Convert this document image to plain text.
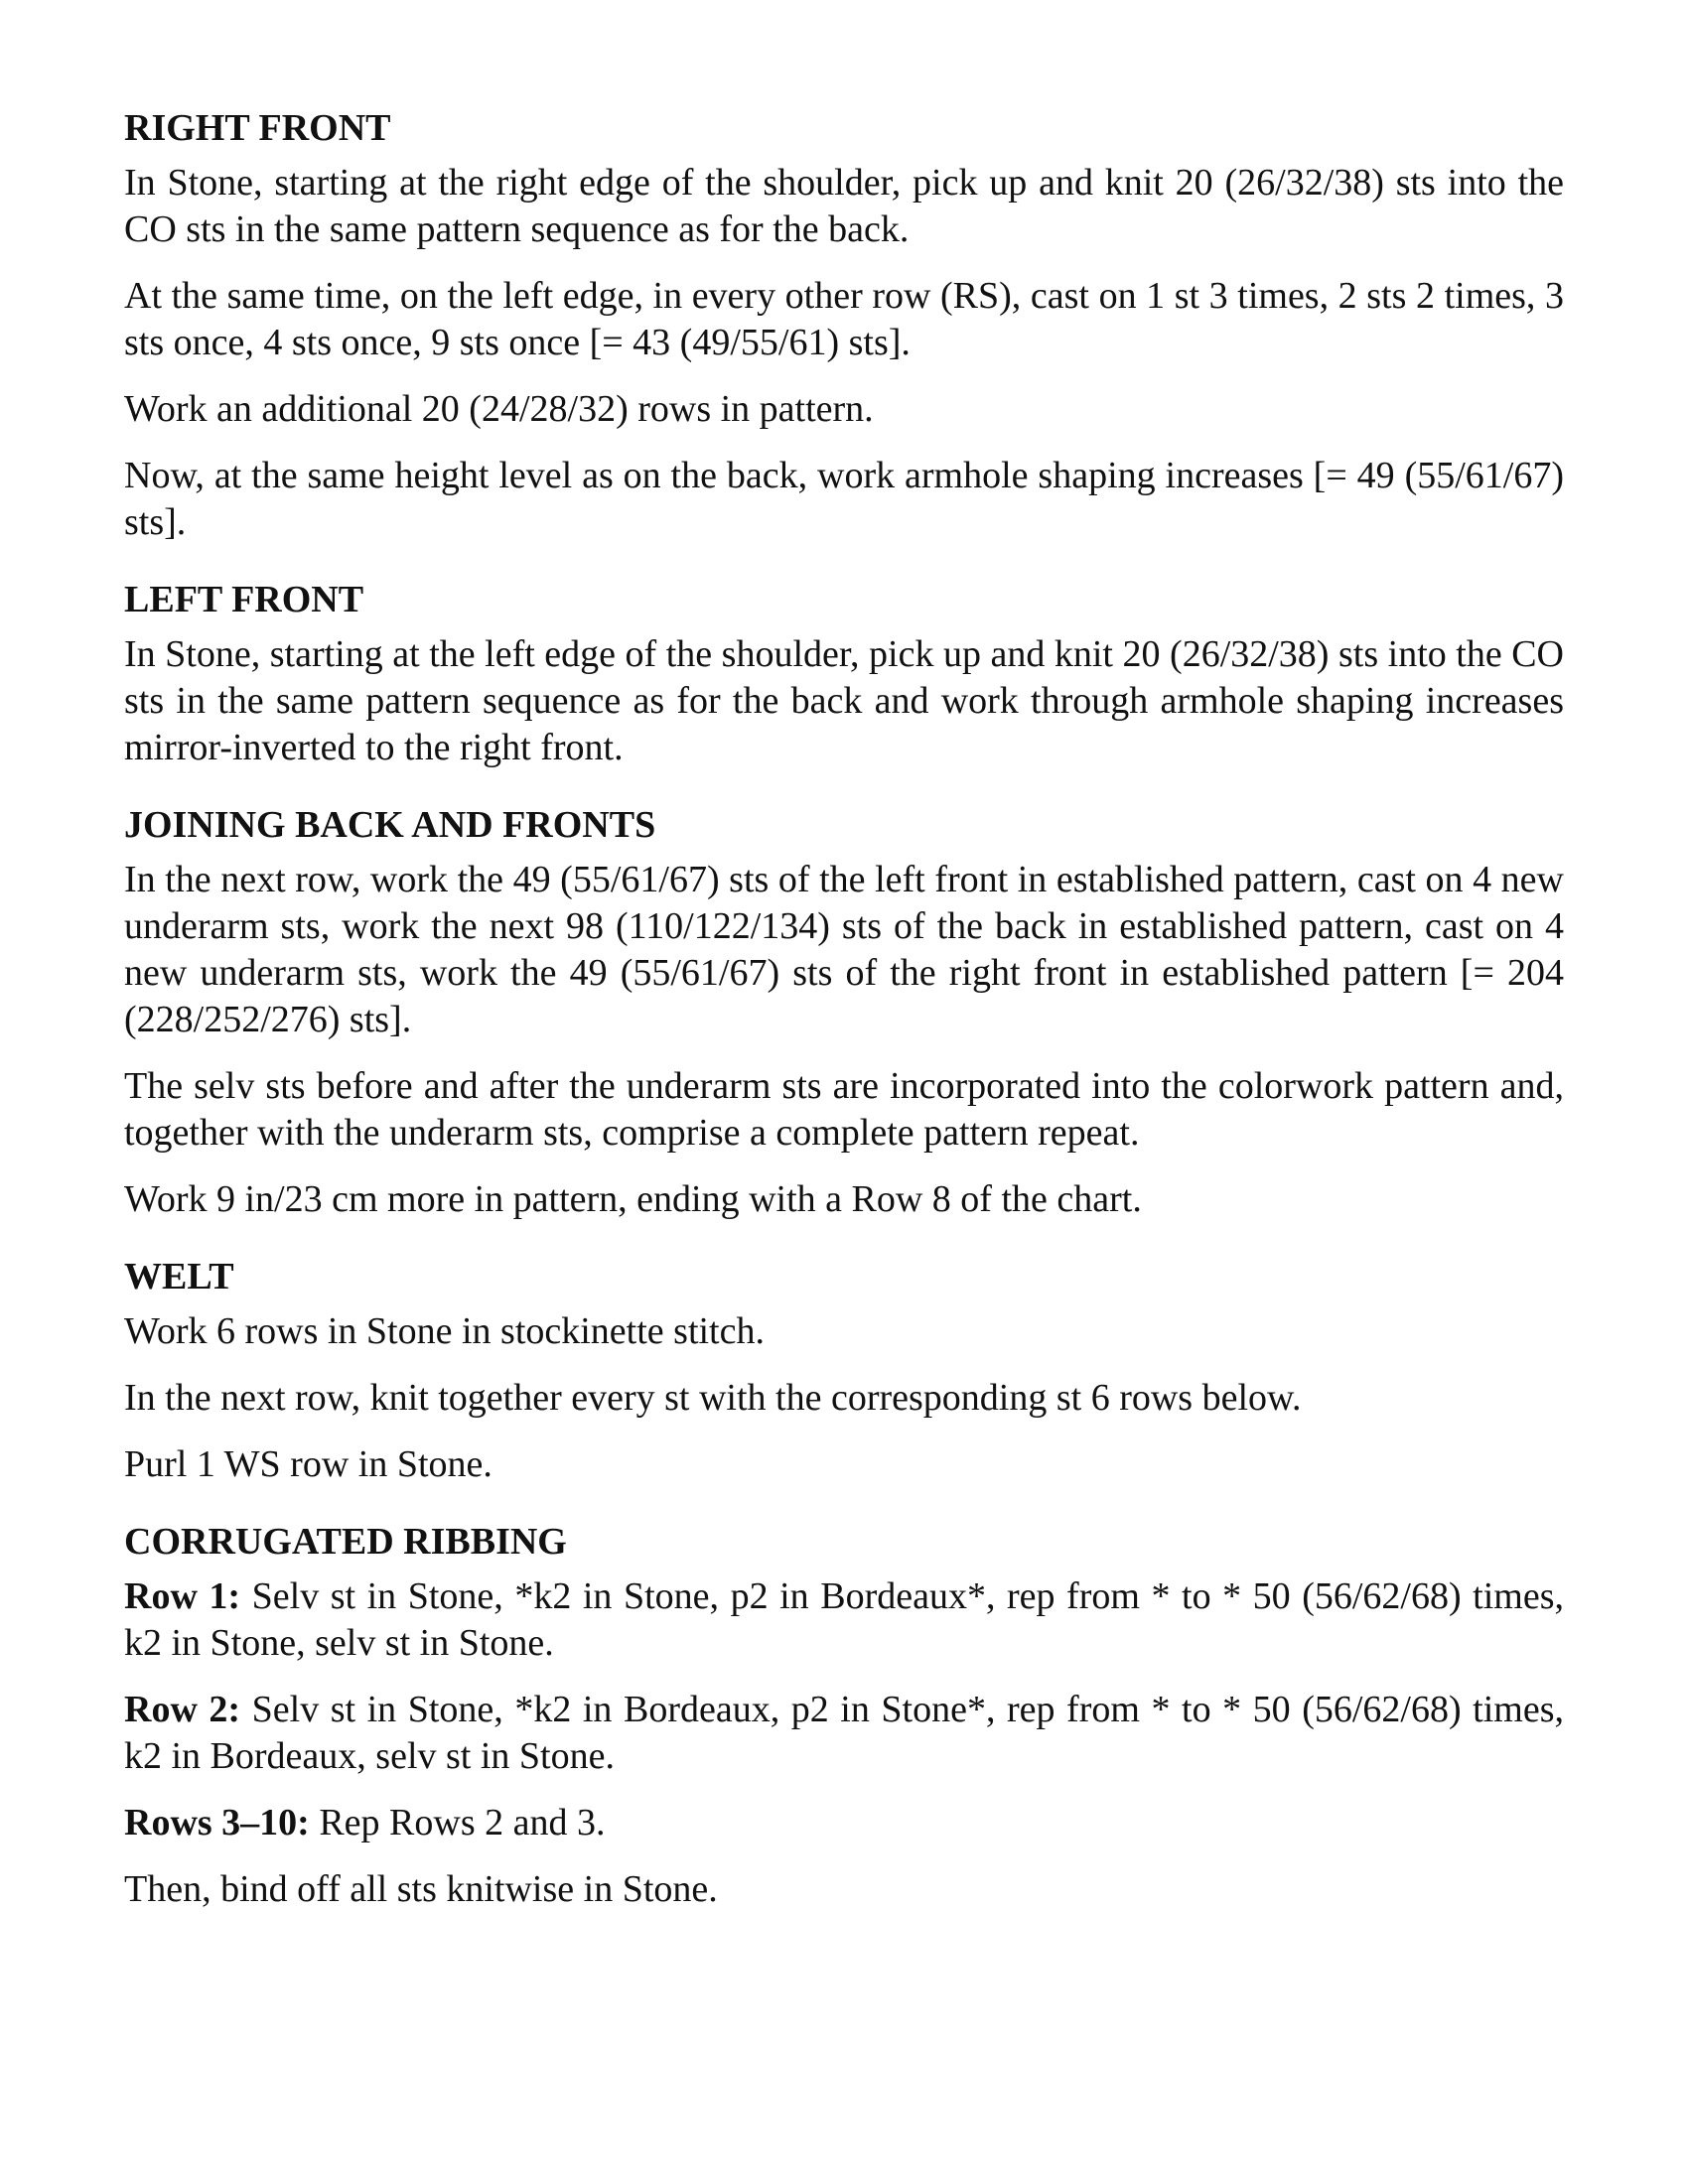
RIGHT FRONT

In Stone, starting at the right edge of the shoulder, pick up and knit 20 (26/32/38) sts into the CO sts in the same pattern sequence as for the back.

At the same time, on the left edge, in every other row (RS), cast on 1 st 3 times, 2 sts 2 times, 3 sts once, 4 sts once, 9 sts once [= 43 (49/55/61) sts].

Work an additional 20 (24/28/32) rows in pattern.

Now, at the same height level as on the back, work armhole shaping increases [= 49 (55/61/67) sts].

LEFT FRONT

In Stone, starting at the left edge of the shoulder, pick up and knit 20 (26/32/38) sts into the CO sts in the same pattern sequence as for the back and work through armhole shaping increases mirror-inverted to the right front.

JOINING BACK AND FRONTS

In the next row, work the 49 (55/61/67) sts of the left front in established pattern, cast on 4 new underarm sts, work the next 98 (110/122/134) sts of the back in established pattern, cast on 4 new underarm sts, work the 49 (55/61/67) sts of the right front in established pattern [= 204 (228/252/276) sts].

The selv sts before and after the underarm sts are incorporated into the colorwork pattern and, together with the underarm sts, comprise a complete pattern repeat.

Work 9 in/23 cm more in pattern, ending with a Row 8 of the chart.

WELT

Work 6 rows in Stone in stockinette stitch.

In the next row, knit together every st with the corresponding st 6 rows below.

Purl 1 WS row in Stone.

CORRUGATED RIBBING

Row 1: Selv st in Stone, *k2 in Stone, p2 in Bordeaux*, rep from * to * 50 (56/62/68) times, k2 in Stone, selv st in Stone.

Row 2: Selv st in Stone, *k2 in Bordeaux, p2 in Stone*, rep from * to * 50 (56/62/68) times, k2 in Bordeaux, selv st in Stone.

Rows 3–10: Rep Rows 2 and 3.

Then, bind off all sts knitwise in Stone.
